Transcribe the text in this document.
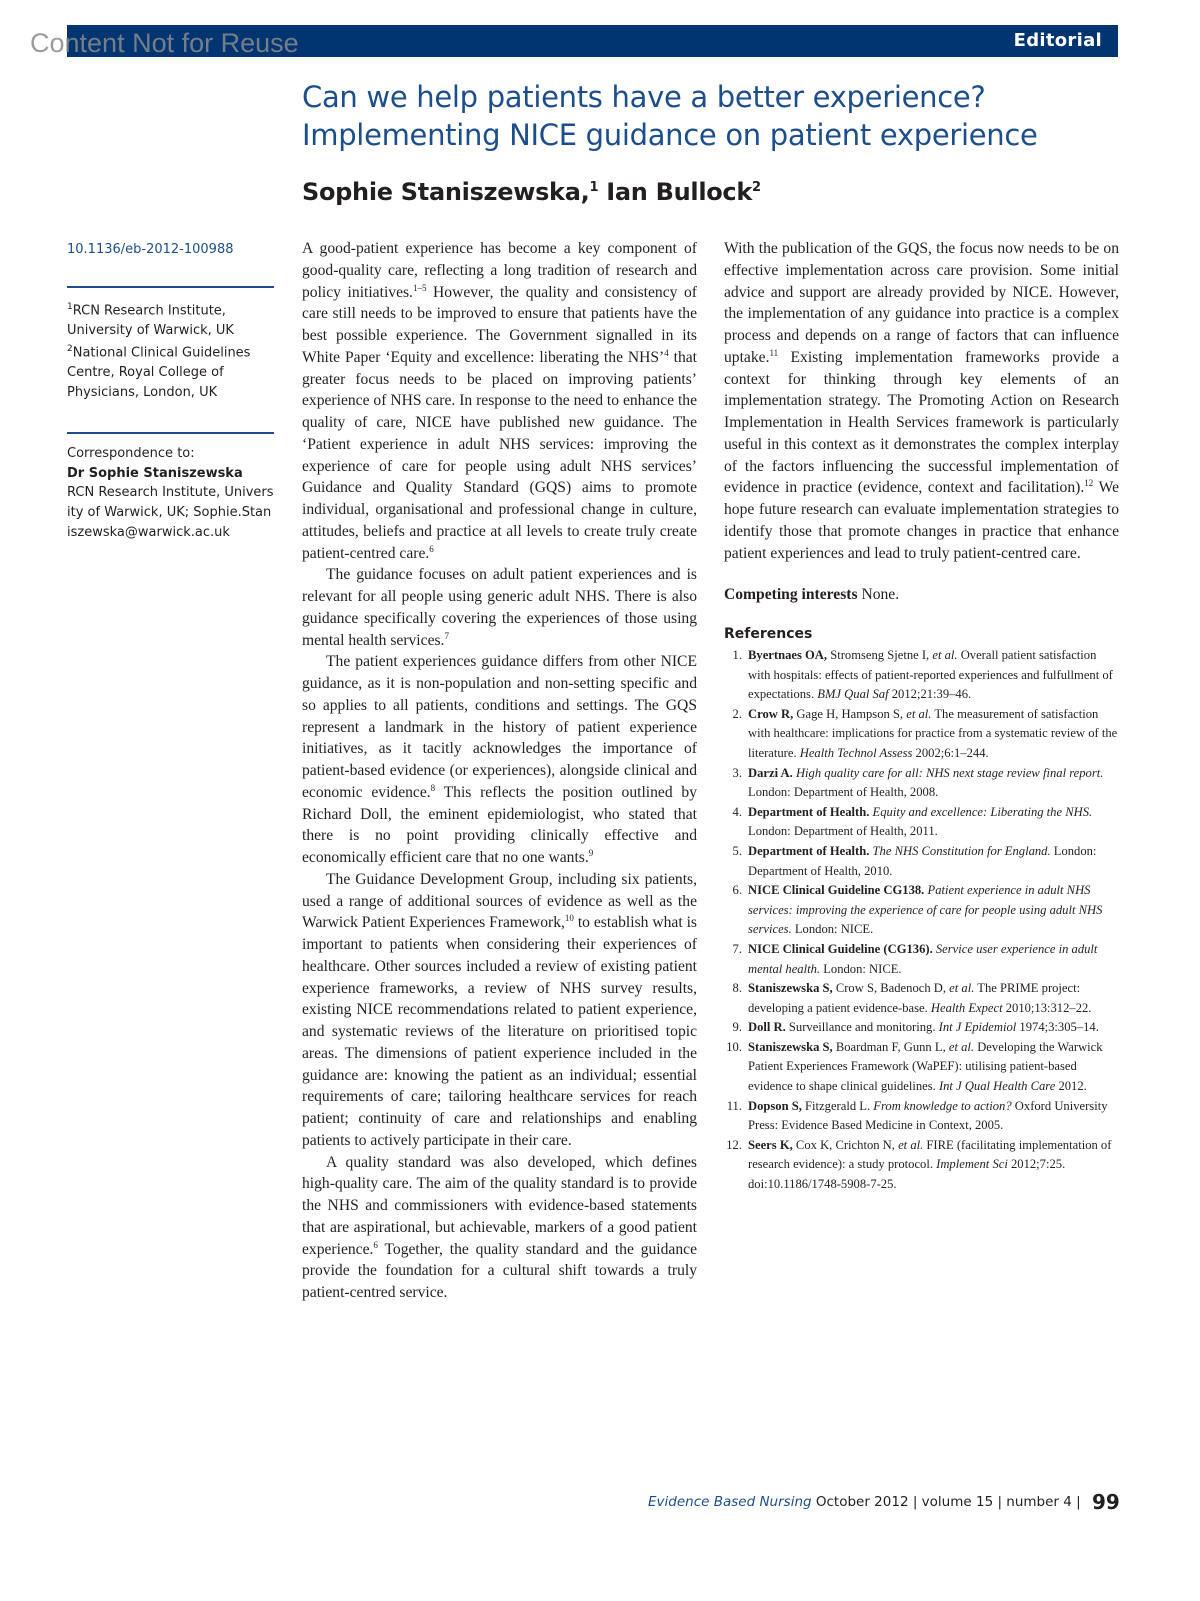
Editorial
Content Not for Reuse
Can we help patients have a better experience?
Implementing NICE guidance on patient experience
Sophie Staniszewska,$^1$ Ian Bullock$^2$
10.1136/eb-2012-100988
$^1$RCN Research Institute, University of Warwick, UK
$^2$National Clinical Guidelines Centre, Royal College of Physicians, London, UK
Correspondence to:
Dr Sophie Staniszewska
RCN Research Institute, University of Warwick, UK; Sophie.Staniszewska@warwick.ac.uk

A good-patient experience has become a key component of good-quality care, reflecting a long tradition of research and policy initiatives.$^{1-5}$ However, the quality and consistency of care still needs to be improved to ensure that patients have the best possible experience. The Government signalled in its White Paper ‘Equity and excellence: liberating the NHS’$^4$ that greater focus needs to be placed on improving patients’ experience of NHS care. In response to the need to enhance the quality of care, NICE have published new guidance. The ‘Patient experience in adult NHS services: improving the experience of care for people using adult NHS services’ Guidance and Quality Standard (GQS) aims to promote individual, organisational and professional change in culture, attitudes, beliefs and practice at all levels to create truly create patient-centred care.$^6$

The guidance focuses on adult patient experiences and is relevant for all people using generic adult NHS. There is also guidance specifically covering the experiences of those using mental health services.$^7$

The patient experiences guidance differs from other NICE guidance, as it is non-population and non-setting specific and so applies to all patients, conditions and settings. The GQS represent a landmark in the history of patient experience initiatives, as it tacitly acknowledges the importance of patient-based evidence (or experiences), alongside clinical and economic evidence.$^8$ This reflects the position outlined by Richard Doll, the eminent epidemiologist, who stated that there is no point providing clinically effective and economically efficient care that no one wants.$^9$

The Guidance Development Group, including six patients, used a range of additional sources of evidence as well as the Warwick Patient Experiences Framework,$^{10}$ to establish what is important to patients when considering their experiences of healthcare. Other sources included a review of existing patient experience frameworks, a review of NHS survey results, existing NICE recommendations related to patient experience, and systematic reviews of the literature on prioritised topic areas. The dimensions of patient experience included in the guidance are: knowing the patient as an individual; essential requirements of care; tailoring healthcare services for reach patient; continuity of care and relationships and enabling patients to actively participate in their care.

A quality standard was also developed, which defines high-quality care. The aim of the quality standard is to provide the NHS and commissioners with evidence-based statements that are aspirational, but achievable, markers of a good patient experience.$^6$ Together, the quality standard and the guidance provide the foundation for a cultural shift towards a truly patient-centred service.

With the publication of the GQS, the focus now needs to be on effective implementation across care provision. Some initial advice and support are already provided by NICE. However, the implementation of any guidance into practice is a complex process and depends on a range of factors that can influence uptake.$^{11}$ Existing implementation frameworks provide a context for thinking through key elements of an implementation strategy. The Promoting Action on Research Implementation in Health Services framework is particularly useful in this context as it demonstrates the complex interplay of the factors influencing the successful implementation of evidence in practice (evidence, context and facilitation).$^{12}$ We hope future research can evaluate implementation strategies to identify those that promote changes in practice that enhance patient experiences and lead to truly patient-centred care.

Competing interests None.
References
1. Byertnaes OA, Stromseng Sjetne I, et al. Overall patient satisfaction with hospitals: effects of patient-reported experiences and fulfullment of expectations. BMJ Qual Saf 2012;21:39–46.
2. Crow R, Gage H, Hampson S, et al. The measurement of satisfaction with healthcare: implications for practice from a systematic review of the literature. Health Technol Assess 2002;6:1–244.
3. Darzi A. High quality care for all: NHS next stage review final report. London: Department of Health, 2008.
4. Department of Health. Equity and excellence: Liberating the NHS. London: Department of Health, 2011.
5. Department of Health. The NHS Constitution for England. London: Department of Health, 2010.
6. NICE Clinical Guideline CG138. Patient experience in adult NHS services: improving the experience of care for people using adult NHS services. London: NICE.
7. NICE Clinical Guideline (CG136). Service user experience in adult mental health. London: NICE.
8. Staniszewska S, Crow S, Badenoch D, et al. The PRIME project: developing a patient evidence-base. Health Expect 2010;13:312–22.
9. Doll R. Surveillance and monitoring. Int J Epidemiol 1974;3:305–14.
10. Staniszewska S, Boardman F, Gunn L, et al. Developing the Warwick Patient Experiences Framework (WaPEF): utilising patient-based evidence to shape clinical guidelines. Int J Qual Health Care 2012.
11. Dopson S, Fitzgerald L. From knowledge to action? Oxford University Press: Evidence Based Medicine in Context, 2005.
12. Seers K, Cox K, Crichton N, et al. FIRE (facilitating implementation of research evidence): a study protocol. Implement Sci 2012;7:25. doi:10.1186/1748-5908-7-25.
Evidence Based Nursing October 2012 | volume 15 | number 4 | 99
